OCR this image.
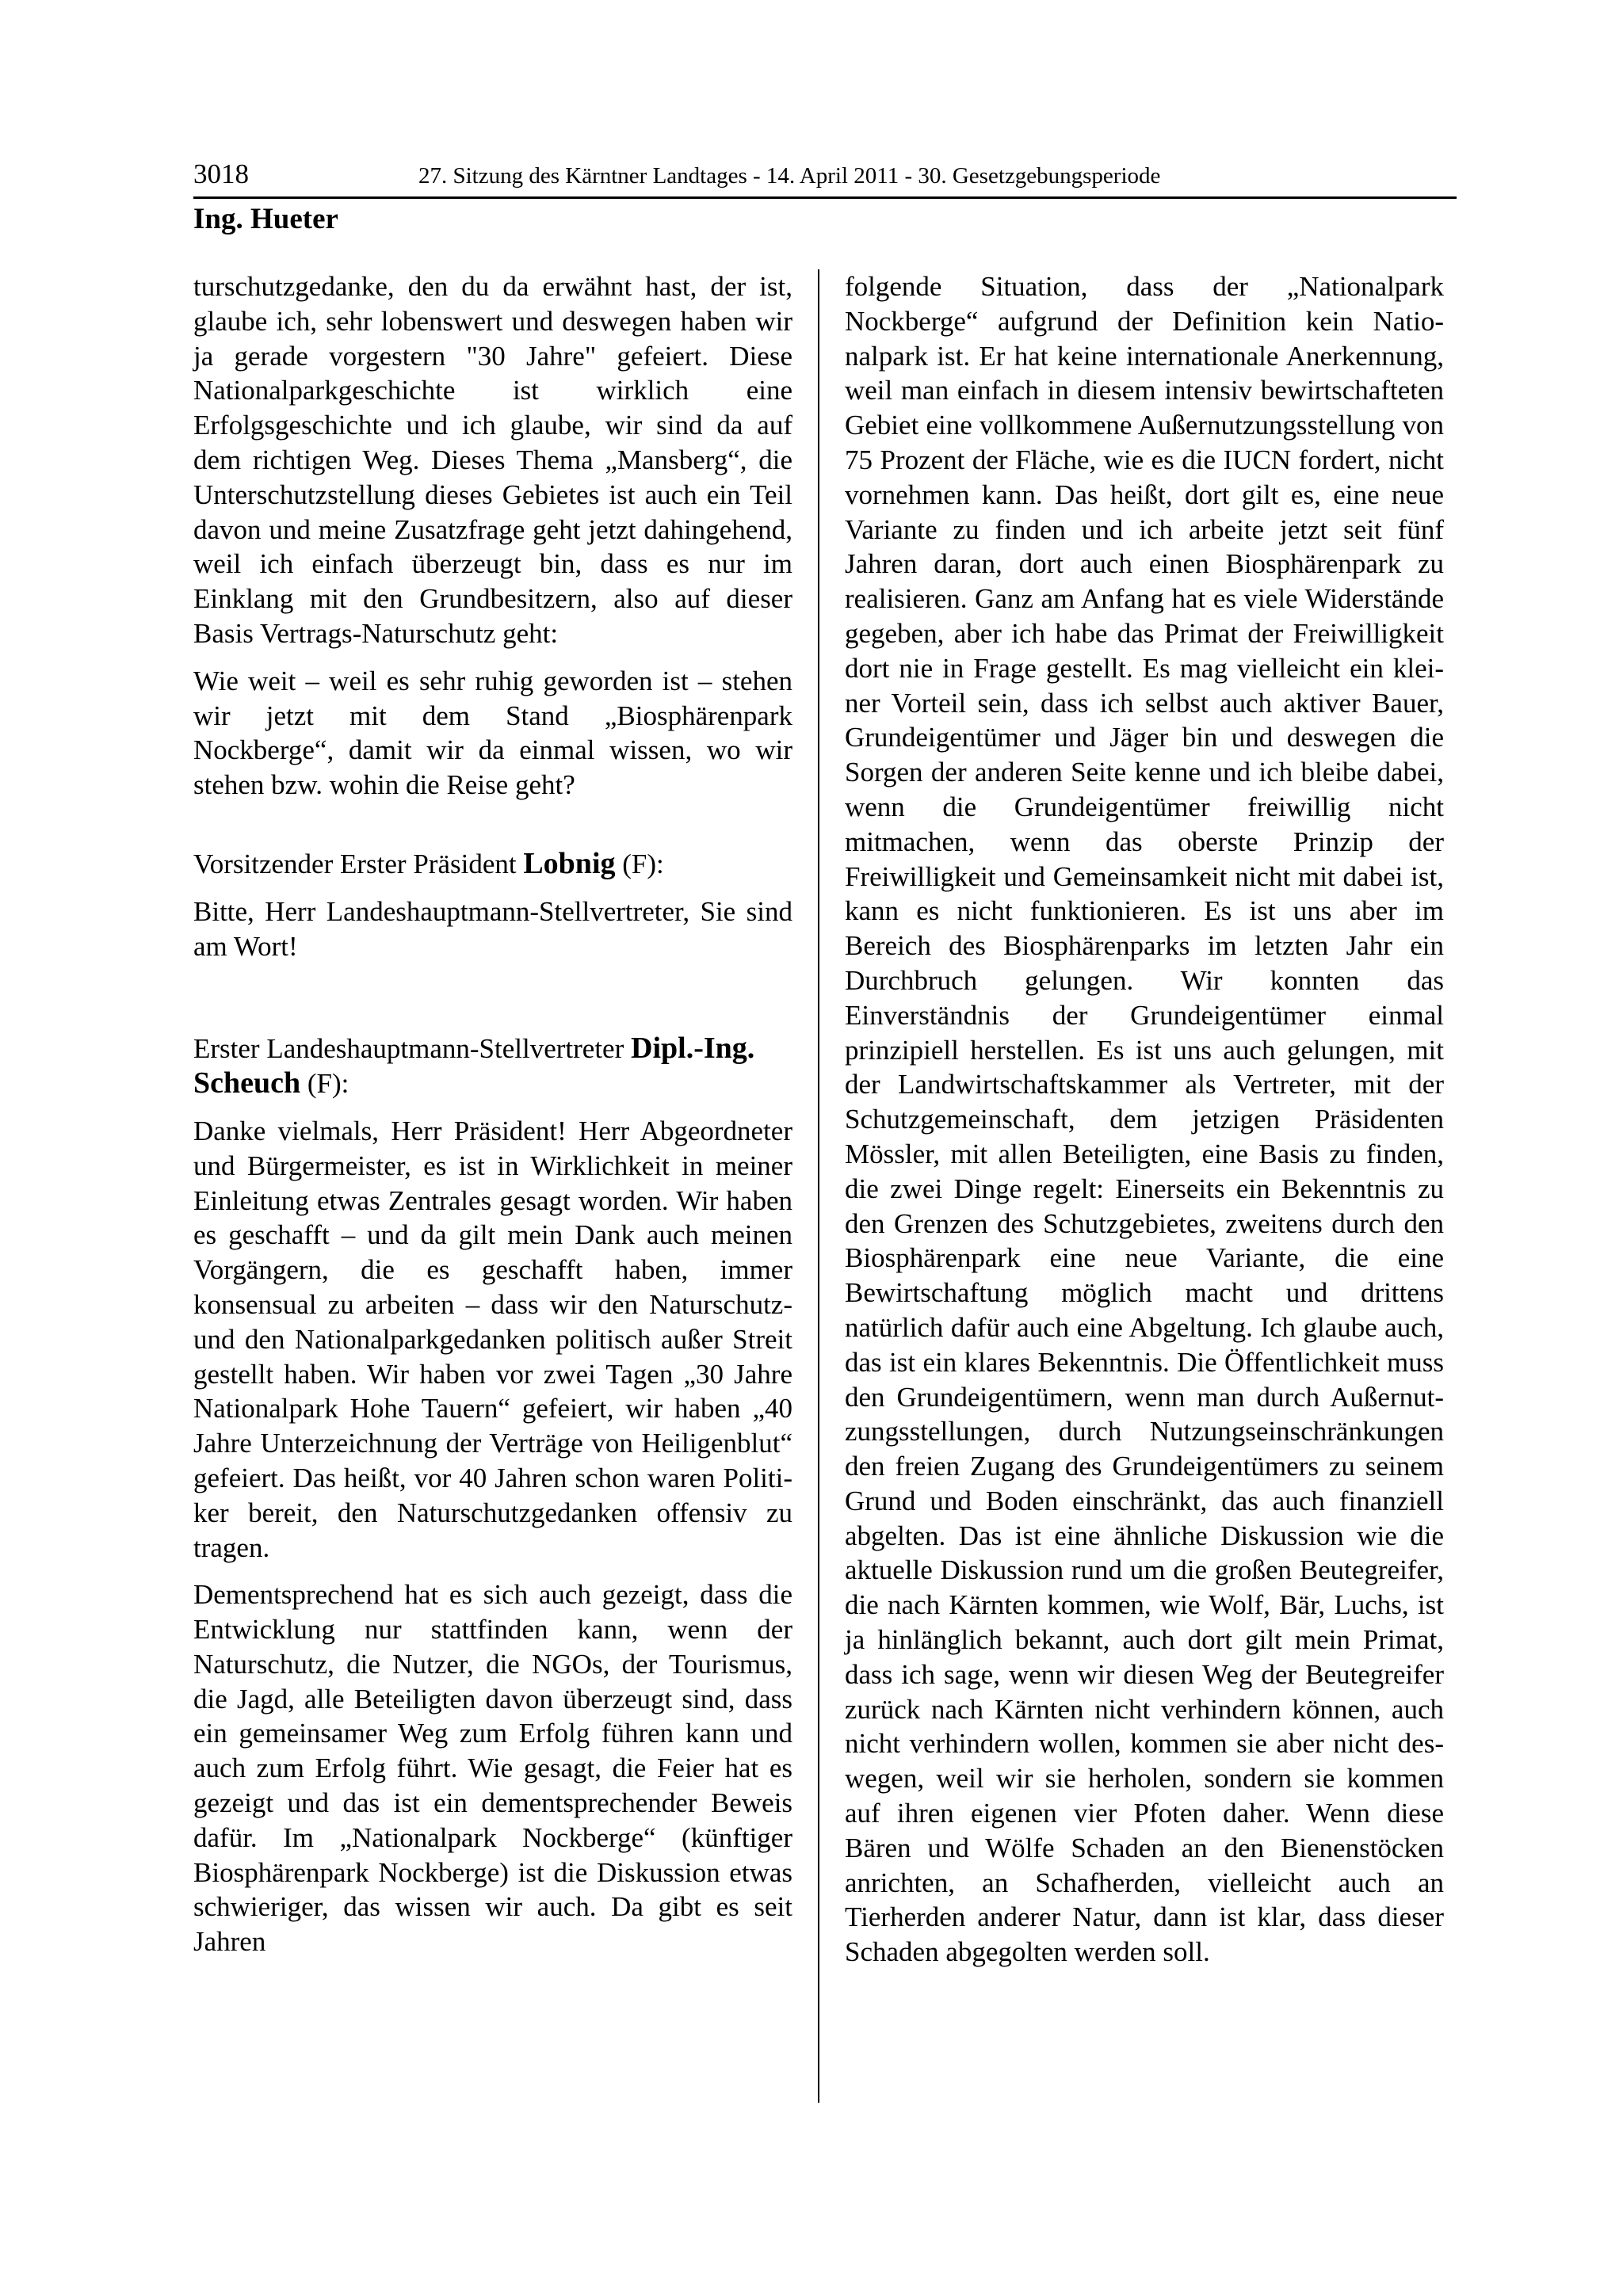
3018	27. Sitzung des Kärntner Landtages - 14. April 2011 - 30. Gesetzgebungsperiode
Ing. Hueter

turschutzgedanke, den du da erwähnt hast, der ist, glaube ich, sehr lobenswert und deswegen haben wir ja gerade vorgestern "30 Jahre" gefeiert. Diese Nationalparkgeschichte ist wirklich eine Erfolgsgeschichte und ich glaube, wir sind da auf dem richtigen Weg. Dieses Thema „Mansberg“, die Unterschutzstellung dieses Gebietes ist auch ein Teil davon und meine Zusatzfrage geht jetzt dahingehend, weil ich einfach überzeugt bin, dass es nur im Einklang mit den Grundbesitzern, also auf dieser Basis Vertrags-Naturschutz geht:

Wie weit – weil es sehr ruhig geworden ist – stehen wir jetzt mit dem Stand „Biosphärenpark Nockberge“, damit wir da einmal wissen, wo wir stehen bzw. wohin die Reise geht?

Vorsitzender Erster Präsident Lobnig (F):

Bitte, Herr Landeshauptmann-Stellvertreter, Sie sind am Wort!

Erster Landeshauptmann-Stellvertreter Dipl.-Ing. Scheuch (F):

Danke vielmals, Herr Präsident! Herr Abgeordneter und Bürgermeister, es ist in Wirklichkeit in meiner Einleitung etwas Zentrales gesagt worden. Wir haben es geschafft – und da gilt mein Dank auch meinen Vorgängern, die es geschafft haben, immer konsensual zu arbeiten – dass wir den Naturschutz- und den Nationalparkgedanken politisch außer Streit gestellt haben. Wir haben vor zwei Tagen „30 Jahre Nationalpark Hohe Tauern“ gefeiert, wir haben „40 Jahre Unterzeichnung der Verträge von Heiligenblut“ gefeiert. Das heißt, vor 40 Jahren schon waren Politiker bereit, den Naturschutzgedanken offensiv zu tragen.

Dementsprechend hat es sich auch gezeigt, dass die Entwicklung nur stattfinden kann, wenn der Naturschutz, die Nutzer, die NGOs, der Tourismus, die Jagd, alle Beteiligten davon überzeugt sind, dass ein gemeinsamer Weg zum Erfolg führen kann und auch zum Erfolg führt. Wie gesagt, die Feier hat es gezeigt und das ist ein dementsprechender Beweis dafür. Im „Nationalpark Nockberge“ (künftiger Biosphärenpark Nockberge) ist die Diskussion etwas schwieriger, das wissen wir auch. Da gibt es seit Jahren

folgende Situation, dass der „Nationalpark Nockberge“ aufgrund der Definition kein Nationalpark ist. Er hat keine internationale Anerkennung, weil man einfach in diesem intensiv bewirtschafteten Gebiet eine vollkommene Außernutzungsstellung von 75 Prozent der Fläche, wie es die IUCN fordert, nicht vornehmen kann. Das heißt, dort gilt es, eine neue Variante zu finden und ich arbeite jetzt seit fünf Jahren daran, dort auch einen Biosphärenpark zu realisieren. Ganz am Anfang hat es viele Widerstände gegeben, aber ich habe das Primat der Freiwilligkeit dort nie in Frage gestellt. Es mag vielleicht ein kleiner Vorteil sein, dass ich selbst auch aktiver Bauer, Grundeigentümer und Jäger bin und deswegen die Sorgen der anderen Seite kenne und ich bleibe dabei, wenn die Grundeigentümer freiwillig nicht mitmachen, wenn das oberste Prinzip der Freiwilligkeit und Gemeinsamkeit nicht mit dabei ist, kann es nicht funktionieren. Es ist uns aber im Bereich des Biosphärenparks im letzten Jahr ein Durchbruch gelungen. Wir konnten das Einverständnis der Grundeigentümer einmal prinzipiell herstellen. Es ist uns auch gelungen, mit der Landwirtschaftskammer als Vertreter, mit der Schutzgemeinschaft, dem jetzigen Präsidenten Mössler, mit allen Beteiligten, eine Basis zu finden, die zwei Dinge regelt: Einerseits ein Bekenntnis zu den Grenzen des Schutzgebietes, zweitens durch den Biosphärenpark eine neue Variante, die eine Bewirtschaftung möglich macht und drittens natürlich dafür auch eine Abgeltung. Ich glaube auch, das ist ein klares Bekenntnis. Die Öffentlichkeit muss den Grundeigentümern, wenn man durch Außernutzungsstellungen, durch Nutzungseinschränkungen den freien Zugang des Grundeigentümers zu seinem Grund und Boden einschränkt, das auch finanziell abgelten. Das ist eine ähnliche Diskussion wie die aktuelle Diskussion rund um die großen Beutegreifer, die nach Kärnten kommen, wie Wolf, Bär, Luchs, ist ja hinlänglich bekannt, auch dort gilt mein Primat, dass ich sage, wenn wir diesen Weg der Beutegreifer zurück nach Kärnten nicht verhindern können, auch nicht verhindern wollen, kommen sie aber nicht deswegen, weil wir sie herholen, sondern sie kommen auf ihren eigenen vier Pfoten daher. Wenn diese Bären und Wölfe Schaden an den Bienenstöcken anrichten, an Schafherden, vielleicht auch an Tierherden anderer Natur, dann ist klar, dass dieser Schaden abgegolten werden soll.
